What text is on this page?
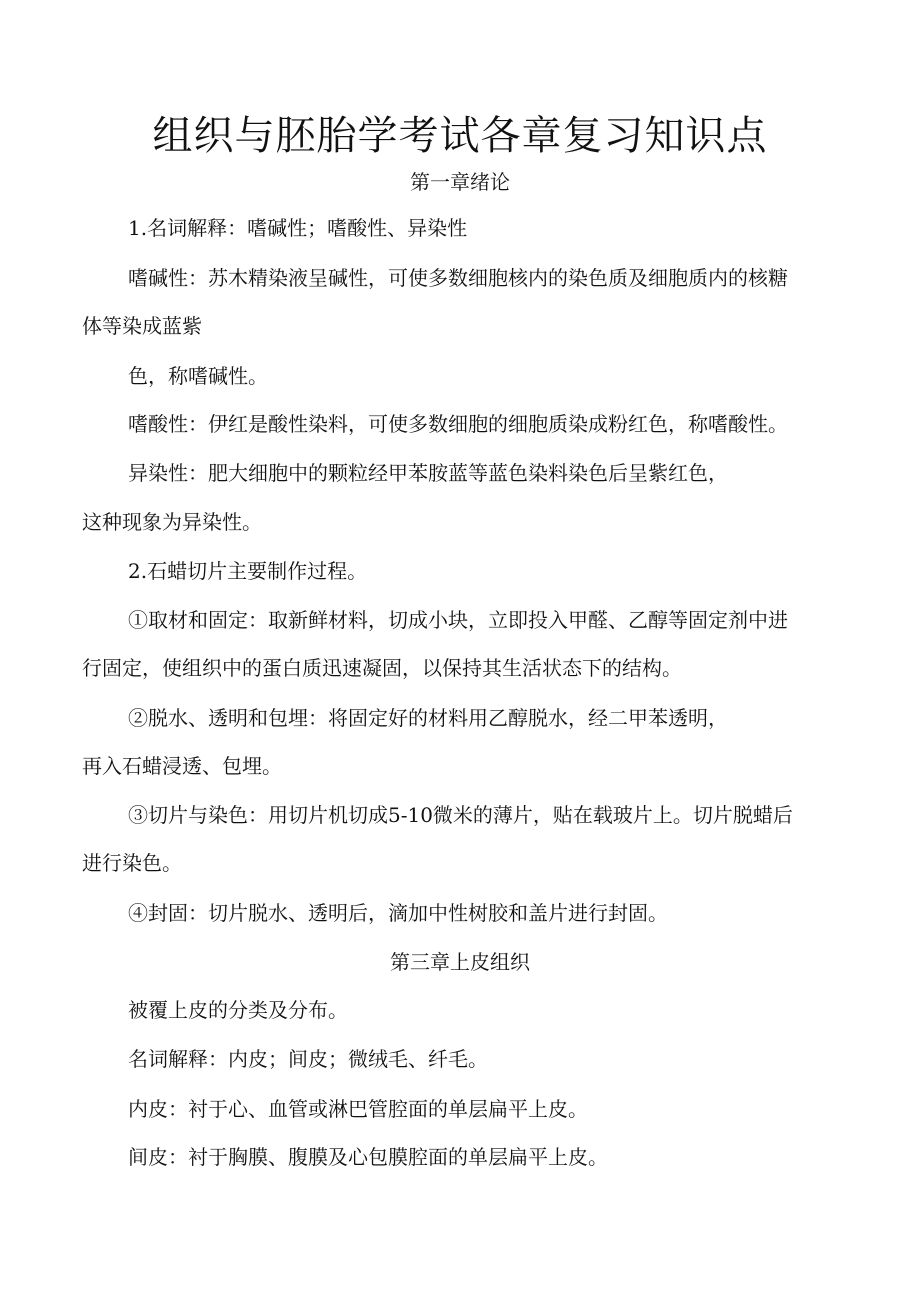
组织与胚胎学考试各章复习知识点
第一章绪论
1.名词解释：嗜碱性；嗜酸性、异染性
嗜碱性：苏木精染液呈碱性，可使多数细胞核内的染色质及细胞质内的核糖
体等染成蓝紫
色，称嗜碱性。
嗜酸性：伊红是酸性染料，可使多数细胞的细胞质染成粉红色，称嗜酸性。
异染性：肥大细胞中的颗粒经甲苯胺蓝等蓝色染料染色后呈紫红色，
这种现象为异染性。
2.石蜡切片主要制作过程。
①取材和固定：取新鲜材料，切成小块，立即投入甲醛、乙醇等固定剂中进
行固定，使组织中的蛋白质迅速凝固，以保持其生活状态下的结构。
②脱水、透明和包埋：将固定好的材料用乙醇脱水，经二甲苯透明，
再入石蜡浸透、包埋。
③切片与染色：用切片机切成5-10微米的薄片，贴在载玻片上。切片脱蜡后
进行染色。
④封固：切片脱水、透明后，滴加中性树胶和盖片进行封固。
第三章上皮组织
被覆上皮的分类及分布。
名词解释：内皮；间皮；微绒毛、纤毛。
内皮：衬于心、血管或淋巴管腔面的单层扁平上皮。
间皮：衬于胸膜、腹膜及心包膜腔面的单层扁平上皮。
